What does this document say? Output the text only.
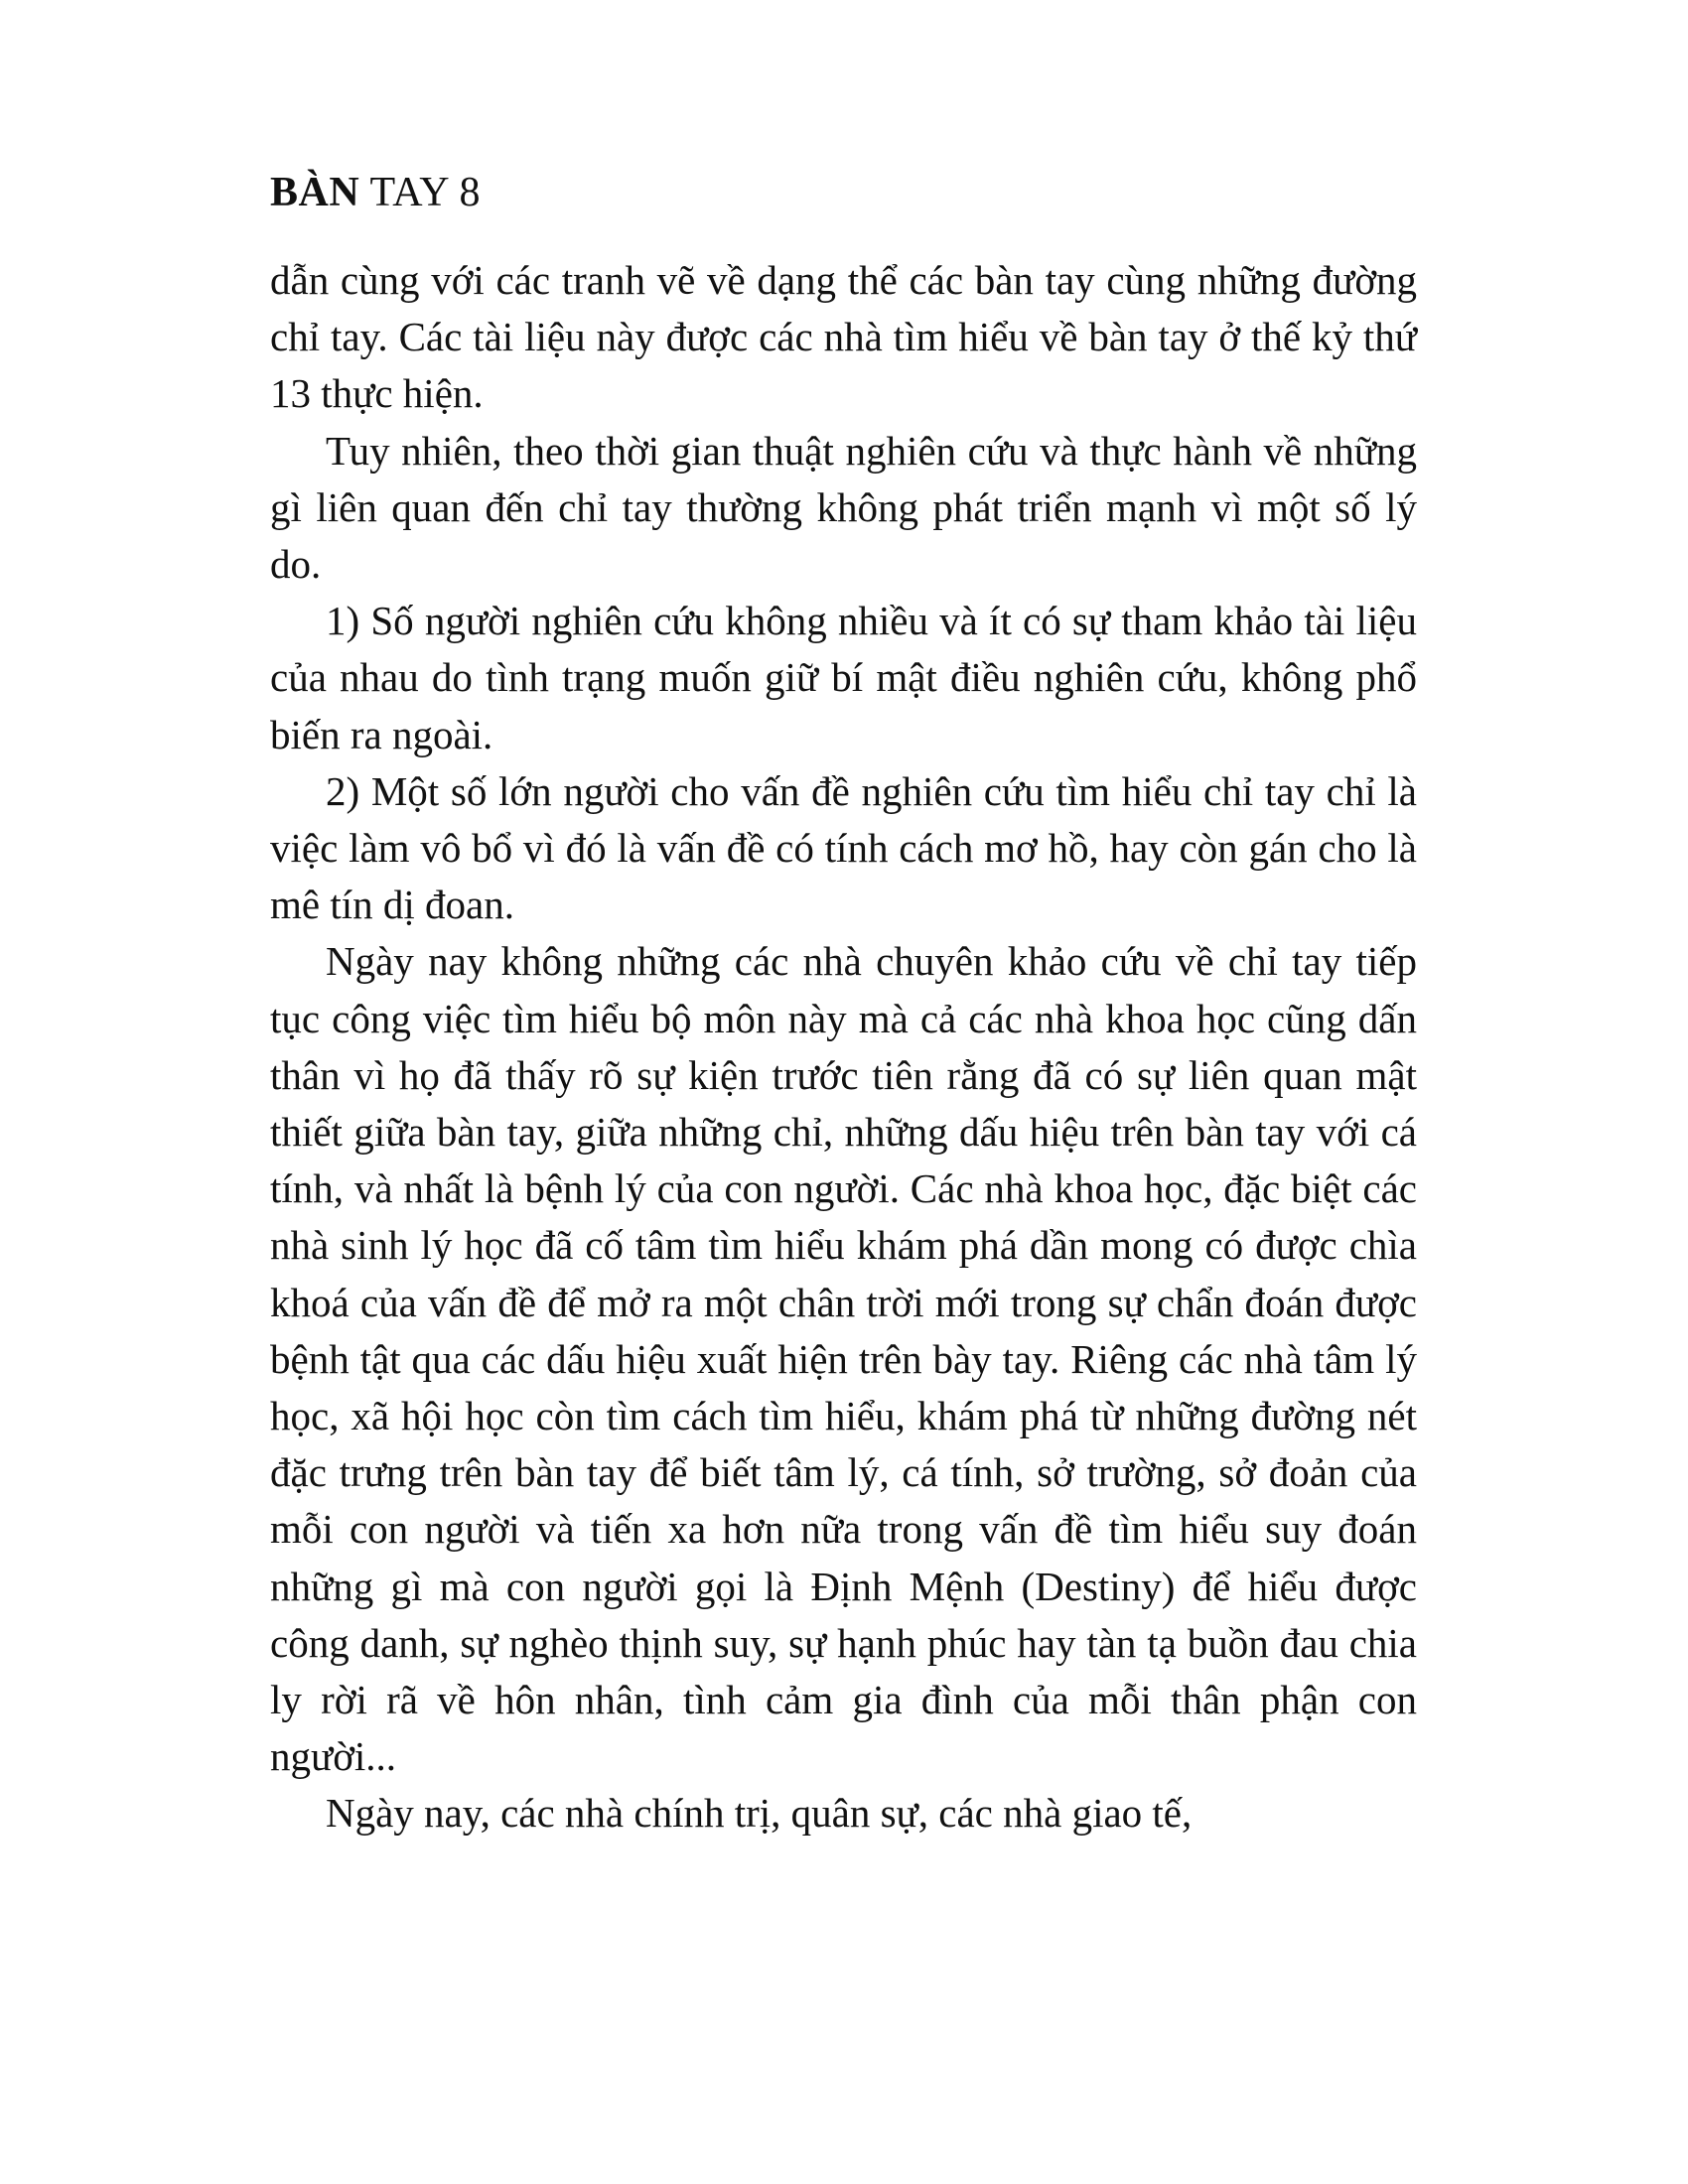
BÀN TAY 8

dẫn cùng với các tranh vẽ về dạng thể các bàn tay cùng những đường chỉ tay. Các tài liệu này được các nhà tìm hiểu về bàn tay ở thế kỷ thứ 13 thực hiện.

Tuy nhiên, theo thời gian thuật nghiên cứu và thực hành về những gì liên quan đến chỉ tay thường không phát triển mạnh vì một số lý do.

1) Số người nghiên cứu không nhiều và ít có sự tham khảo tài liệu của nhau do tình trạng muốn giữ bí mật điều nghiên cứu, không phổ biến ra ngoài.

2) Một số lớn người cho vấn đề nghiên cứu tìm hiểu chỉ tay chỉ là việc làm vô bổ vì đó là vấn đề có tính cách mơ hồ, hay còn gán cho là mê tín dị đoan.

Ngày nay không những các nhà chuyên khảo cứu về chỉ tay tiếp tục công việc tìm hiểu bộ môn này mà cả các nhà khoa học cũng dấn thân vì họ đã thấy rõ sự kiện trước tiên rằng đã có sự liên quan mật thiết giữa bàn tay, giữa những chỉ, những dấu hiệu trên bàn tay với cá tính, và nhất là bệnh lý của con người. Các nhà khoa học, đặc biệt các nhà sinh lý học đã cố tâm tìm hiểu khám phá dần mong có được chìa khoá của vấn đề để mở ra một chân trời mới trong sự chẩn đoán được bệnh tật qua các dấu hiệu xuất hiện trên bày tay. Riêng các nhà tâm lý học, xã hội học còn tìm cách tìm hiểu, khám phá từ những đường nét đặc trưng trên bàn tay để biết tâm lý, cá tính, sở trường, sở đoản của mỗi con người và tiến xa hơn nữa trong vấn đề tìm hiểu suy đoán những gì mà con người gọi là Định Mệnh (Destiny) để hiểu được công danh, sự nghèo thịnh suy, sự hạnh phúc hay tàn tạ buồn đau chia ly rời rã về hôn nhân, tình cảm gia đình của mỗi thân phận con người...

Ngày nay, các nhà chính trị, quân sự, các nhà giao tế,
